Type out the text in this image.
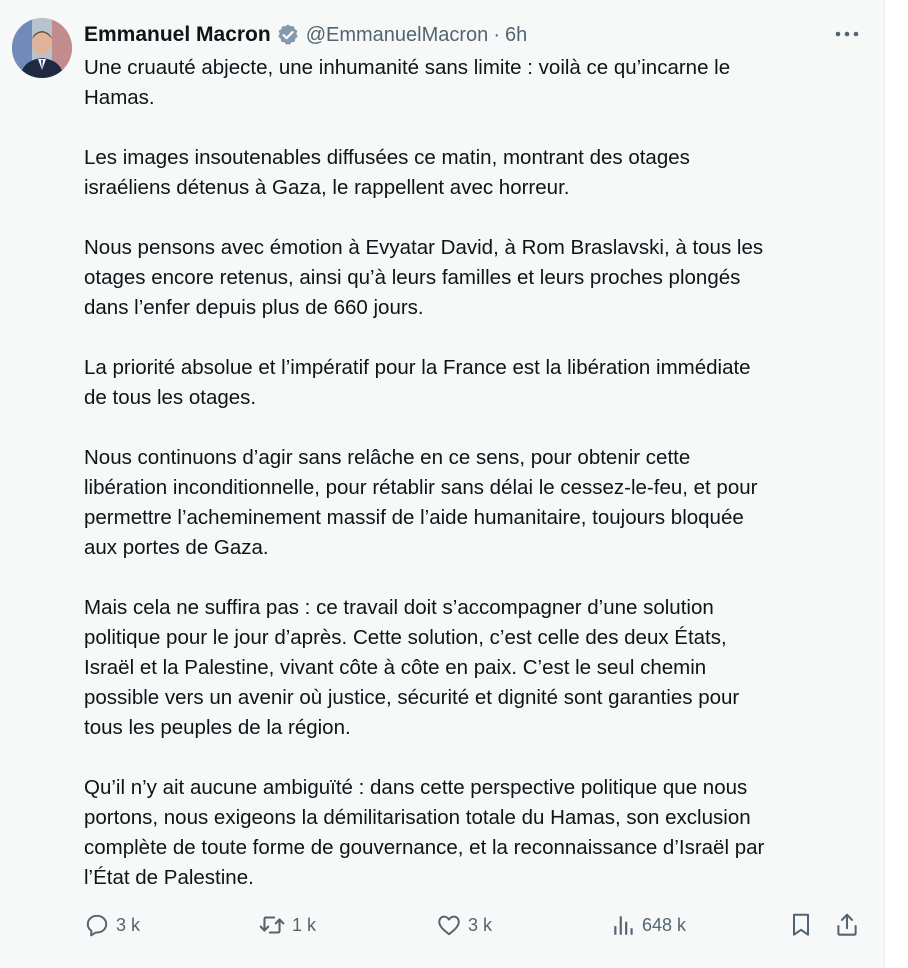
Emmanuel Macron @EmmanuelMacron · 6h

Une cruauté abjecte, une inhumanité sans limite : voilà ce qu’incarne le
Hamas.

Les images insoutenables diffusées ce matin, montrant des otages
israéliens détenus à Gaza, le rappellent avec horreur.

Nous pensons avec émotion à Evyatar David, à Rom Braslavski, à tous les
otages encore retenus, ainsi qu’à leurs familles et leurs proches plongés
dans l’enfer depuis plus de 660 jours.

La priorité absolue et l’impératif pour la France est la libération immédiate
de tous les otages.

Nous continuons d’agir sans relâche en ce sens, pour obtenir cette
libération inconditionnelle, pour rétablir sans délai le cessez-le-feu, et pour
permettre l’acheminement massif de l’aide humanitaire, toujours bloquée
aux portes de Gaza.

Mais cela ne suffira pas : ce travail doit s’accompagner d’une solution
politique pour le jour d’après. Cette solution, c’est celle des deux États,
Israël et la Palestine, vivant côte à côte en paix. C’est le seul chemin
possible vers un avenir où justice, sécurité et dignité sont garanties pour
tous les peuples de la région.

Qu’il n’y ait aucune ambiguïté : dans cette perspective politique que nous
portons, nous exigeons la démilitarisation totale du Hamas, son exclusion
complète de toute forme de gouvernance, et la reconnaissance d’Israël par
l’État de Palestine.

3 k	1 k	3 k	648 k
